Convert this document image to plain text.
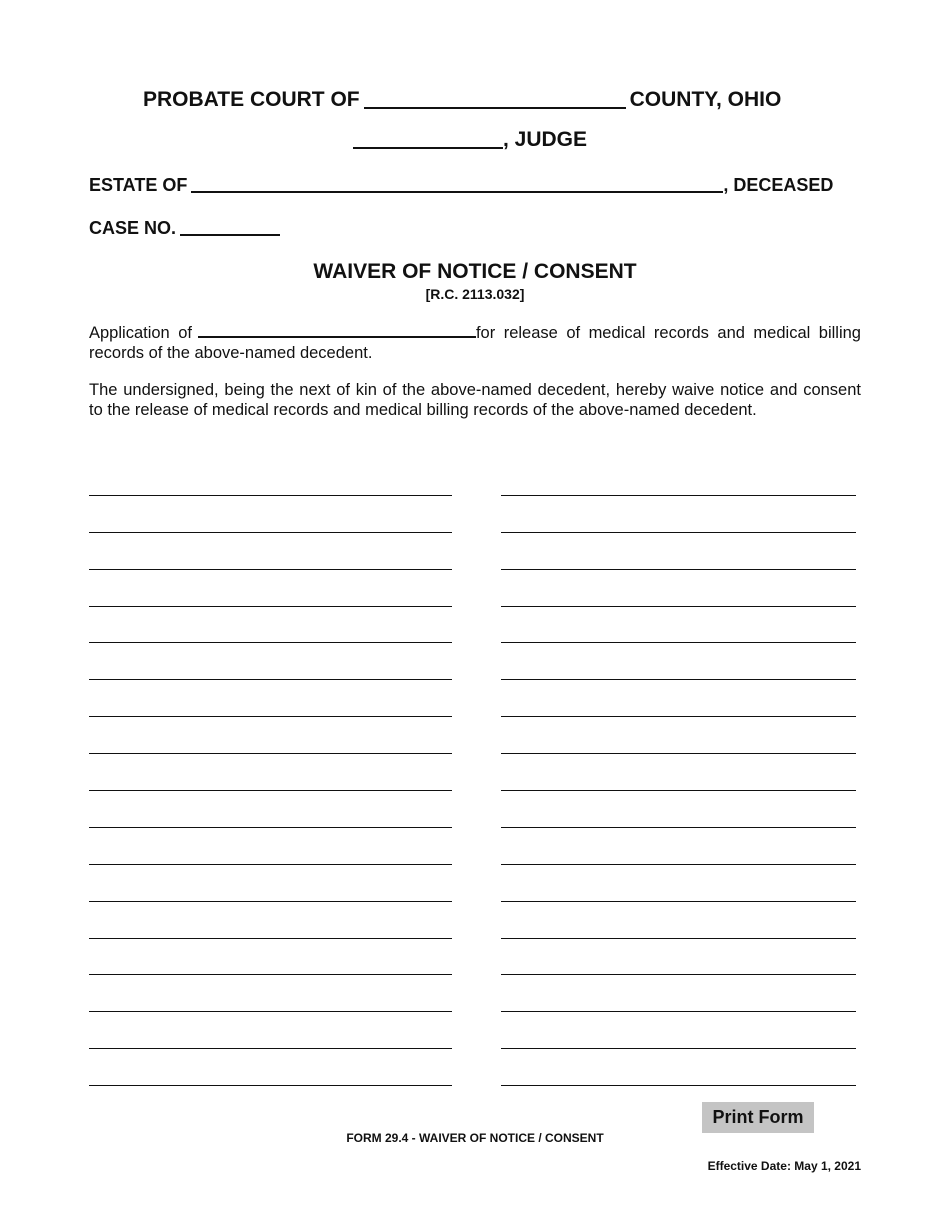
PROBATE COURT OF	COUNTY, OHIO
, JUDGE
ESTATE OF	, DECEASED
CASE NO.
WAIVER OF NOTICE / CONSENT
[R.C. 2113.032]
Application of	for release of medical records and medical billing records of the above-named decedent.
The undersigned, being the next of kin of the above-named decedent, hereby waive notice and consent to the release of medical records and medical billing records of the above-named decedent.
Print Form
FORM 29.4 - WAIVER OF NOTICE / CONSENT
Effective Date: May 1, 2021
